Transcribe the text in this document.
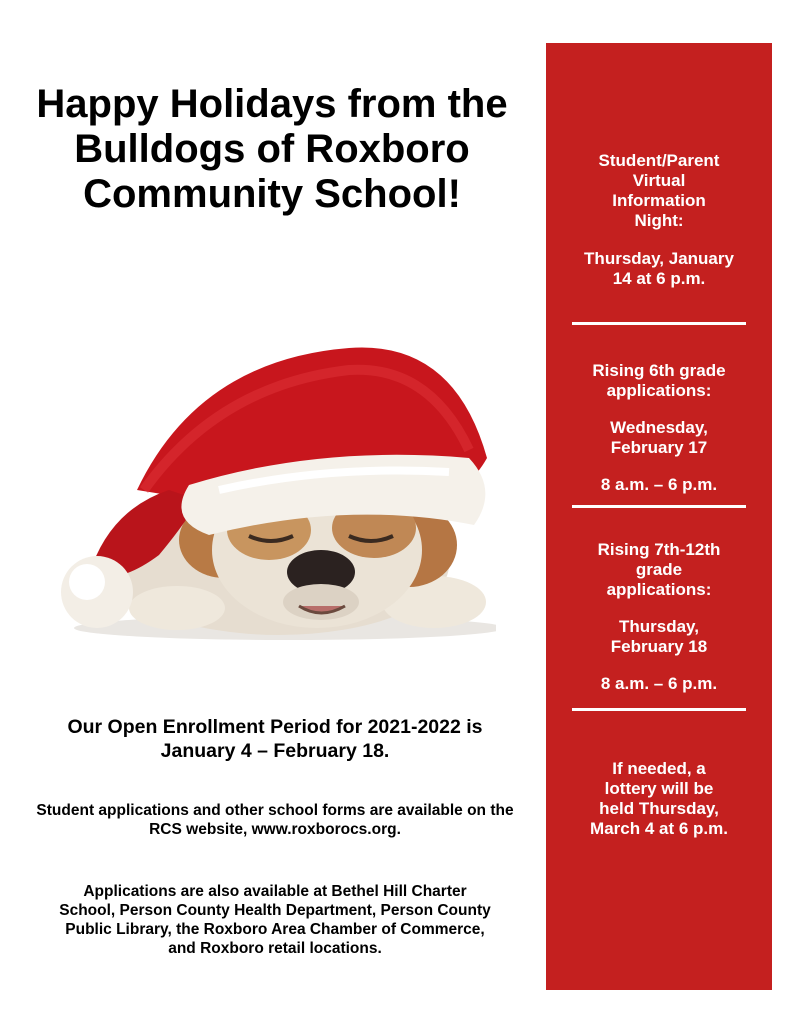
Happy Holidays from the Bulldogs of Roxboro Community School!

Our Open Enrollment Period for 2021-2022 is January 4 – February 18.

Student applications and other school forms are available on the RCS website, www.roxborocs.org.

Applications are also available at Bethel Hill Charter School, Person County Health Department, Person County Public Library, the Roxboro Area Chamber of Commerce, and Roxboro retail locations.

Student/Parent Virtual Information Night:

Thursday, January 14 at 6 p.m.

Rising 6th grade applications:

Wednesday, February 17

8 a.m. – 6 p.m.

Rising 7th-12th grade applications:

Thursday, February 18

8 a.m. – 6 p.m.

If needed, a lottery will be held Thursday, March 4 at 6 p.m.
